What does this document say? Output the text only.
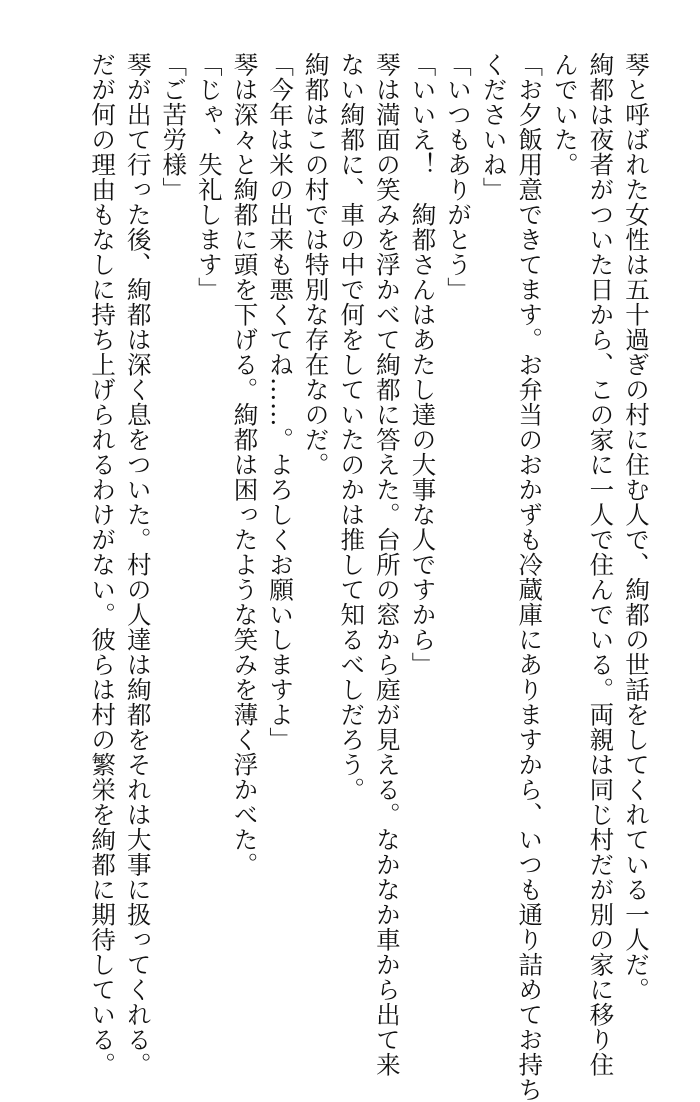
琴と呼ばれた女性は五十過ぎの村に住む人で、絢都の世話をしてくれている一人だ。
絢都は夜者がついた日から、この家に一人で住んでいる。両親は同じ村だが別の家に移り住
んでいた。
「お夕飯用意できてます。お弁当のおかずも冷蔵庫にありますから、いつも通り詰めてお持ち
くださいね」
「いつもありがとう」
「いいえ！　絢都さんはあたし達の大事な人ですから」
琴は満面の笑みを浮かべて絢都に答えた。台所の窓から庭が見える。なかなか車から出て来
ない絢都に、車の中で何をしていたのかは推して知るべしだろう。
絢都はこの村では特別な存在なのだ。
「今年は米の出来も悪くてね……。よろしくお願いしますよ」
琴は深々と絢都に頭を下げる。絢都は困ったような笑みを薄く浮かべた。
「じゃ、失礼します」
「ご苦労様」
琴が出て行った後、絢都は深く息をついた。村の人達は絢都をそれは大事に扱ってくれる。
だが何の理由もなしに持ち上げられるわけがない。彼らは村の繁栄を絢都に期待している。
